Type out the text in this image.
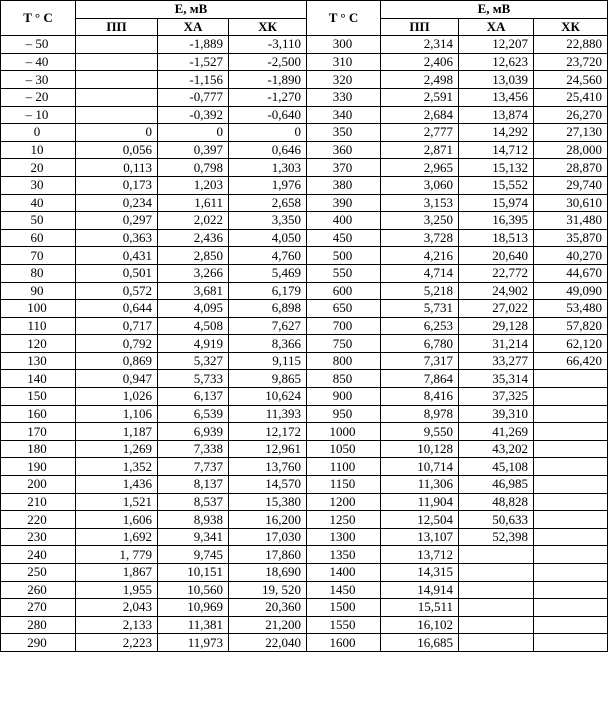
T ° C	E, мВ			T ° C	E, мВ		
	ПП	ХА	ХК		ПП	ХА	ХК
– 50		-1,889	-3,110	300	2,314	12,207	22,880
– 40		-1,527	-2,500	310	2,406	12,623	23,720
– 30		-1,156	-1,890	320	2,498	13,039	24,560
– 20		-0,777	-1,270	330	2,591	13,456	25,410
– 10		-0,392	-0,640	340	2,684	13,874	26,270
0	0	0	0	350	2,777	14,292	27,130
10	0,056	0,397	0,646	360	2,871	14,712	28,000
20	0,113	0,798	1,303	370	2,965	15,132	28,870
30	0,173	1,203	1,976	380	3,060	15,552	29,740
40	0,234	1,611	2,658	390	3,153	15,974	30,610
50	0,297	2,022	3,350	400	3,250	16,395	31,480
60	0,363	2,436	4,050	450	3,728	18,513	35,870
70	0,431	2,850	4,760	500	4,216	20,640	40,270
80	0,501	3,266	5,469	550	4,714	22,772	44,670
90	0,572	3,681	6,179	600	5,218	24,902	49,090
100	0,644	4,095	6,898	650	5,731	27,022	53,480
110	0,717	4,508	7,627	700	6,253	29,128	57,820
120	0,792	4,919	8,366	750	6,780	31,214	62,120
130	0,869	5,327	9,115	800	7,317	33,277	66,420
140	0,947	5,733	9,865	850	7,864	35,314	
150	1,026	6,137	10,624	900	8,416	37,325	
160	1,106	6,539	11,393	950	8,978	39,310	
170	1,187	6,939	12,172	1000	9,550	41,269	
180	1,269	7,338	12,961	1050	10,128	43,202	
190	1,352	7,737	13,760	1100	10,714	45,108	
200	1,436	8,137	14,570	1150	11,306	46,985	
210	1,521	8,537	15,380	1200	11,904	48,828	
220	1,606	8,938	16,200	1250	12,504	50,633	
230	1,692	9,341	17,030	1300	13,107	52,398	
240	1, 779	9,745	17,860	1350	13,712		
250	1,867	10,151	18,690	1400	14,315		
260	1,955	10,560	19, 520	1450	14,914		
270	2,043	10,969	20,360	1500	15,511		
280	2,133	11,381	21,200	1550	16,102		
290	2,223	11,973	22,040	1600	16,685		
